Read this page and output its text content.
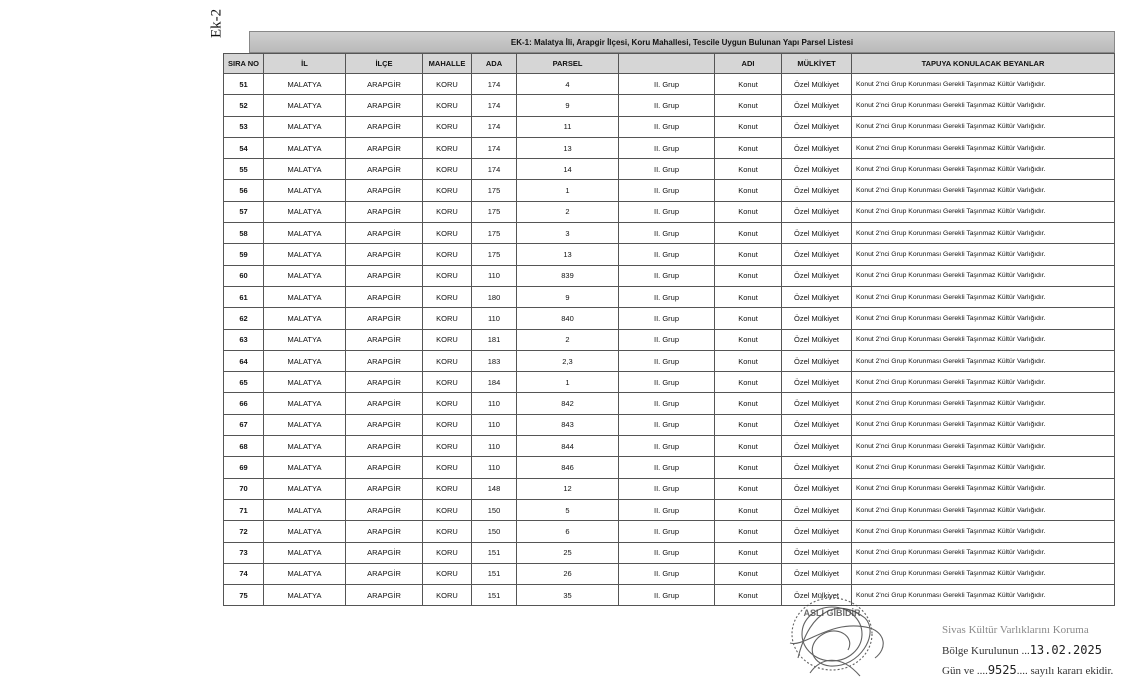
Ek-2
EK-1: Malatya İli, Arapgir İlçesi, Koru Mahallesi, Tescile Uygun Bulunan Yapı Parsel Listesi
SIRA NO	İL	İLÇE	MAHALLE	ADA	PARSEL		ADI	MÜLKİYET	TAPUYA KONULACAK BEYANLAR
51	MALATYA	ARAPGİR	KORU	174	4	II. Grup	Konut	Özel Mülkiyet	Konut 2'nci Grup Korunması Gerekli Taşınmaz Kültür Varlığıdır.
52	MALATYA	ARAPGİR	KORU	174	9	II. Grup	Konut	Özel Mülkiyet	Konut 2'nci Grup Korunması Gerekli Taşınmaz Kültür Varlığıdır.
53	MALATYA	ARAPGİR	KORU	174	11	II. Grup	Konut	Özel Mülkiyet	Konut 2'nci Grup Korunması Gerekli Taşınmaz Kültür Varlığıdır.
54	MALATYA	ARAPGİR	KORU	174	13	II. Grup	Konut	Özel Mülkiyet	Konut 2'nci Grup Korunması Gerekli Taşınmaz Kültür Varlığıdır.
55	MALATYA	ARAPGİR	KORU	174	14	II. Grup	Konut	Özel Mülkiyet	Konut 2'nci Grup Korunması Gerekli Taşınmaz Kültür Varlığıdır.
56	MALATYA	ARAPGİR	KORU	175	1	II. Grup	Konut	Özel Mülkiyet	Konut 2'nci Grup Korunması Gerekli Taşınmaz Kültür Varlığıdır.
57	MALATYA	ARAPGİR	KORU	175	2	II. Grup	Konut	Özel Mülkiyet	Konut 2'nci Grup Korunması Gerekli Taşınmaz Kültür Varlığıdır.
58	MALATYA	ARAPGİR	KORU	175	3	II. Grup	Konut	Özel Mülkiyet	Konut 2'nci Grup Korunması Gerekli Taşınmaz Kültür Varlığıdır.
59	MALATYA	ARAPGİR	KORU	175	13	II. Grup	Konut	Özel Mülkiyet	Konut 2'nci Grup Korunması Gerekli Taşınmaz Kültür Varlığıdır.
60	MALATYA	ARAPGİR	KORU	110	839	II. Grup	Konut	Özel Mülkiyet	Konut 2'nci Grup Korunması Gerekli Taşınmaz Kültür Varlığıdır.
61	MALATYA	ARAPGİR	KORU	180	9	II. Grup	Konut	Özel Mülkiyet	Konut 2'nci Grup Korunması Gerekli Taşınmaz Kültür Varlığıdır.
62	MALATYA	ARAPGİR	KORU	110	840	II. Grup	Konut	Özel Mülkiyet	Konut 2'nci Grup Korunması Gerekli Taşınmaz Kültür Varlığıdır.
63	MALATYA	ARAPGİR	KORU	181	2	II. Grup	Konut	Özel Mülkiyet	Konut 2'nci Grup Korunması Gerekli Taşınmaz Kültür Varlığıdır.
64	MALATYA	ARAPGİR	KORU	183	2,3	II. Grup	Konut	Özel Mülkiyet	Konut 2'nci Grup Korunması Gerekli Taşınmaz Kültür Varlığıdır.
65	MALATYA	ARAPGİR	KORU	184	1	II. Grup	Konut	Özel Mülkiyet	Konut 2'nci Grup Korunması Gerekli Taşınmaz Kültür Varlığıdır.
66	MALATYA	ARAPGİR	KORU	110	842	II. Grup	Konut	Özel Mülkiyet	Konut 2'nci Grup Korunması Gerekli Taşınmaz Kültür Varlığıdır.
67	MALATYA	ARAPGİR	KORU	110	843	II. Grup	Konut	Özel Mülkiyet	Konut 2'nci Grup Korunması Gerekli Taşınmaz Kültür Varlığıdır.
68	MALATYA	ARAPGİR	KORU	110	844	II. Grup	Konut	Özel Mülkiyet	Konut 2'nci Grup Korunması Gerekli Taşınmaz Kültür Varlığıdır.
69	MALATYA	ARAPGİR	KORU	110	846	II. Grup	Konut	Özel Mülkiyet	Konut 2'nci Grup Korunması Gerekli Taşınmaz Kültür Varlığıdır.
70	MALATYA	ARAPGİR	KORU	148	12	II. Grup	Konut	Özel Mülkiyet	Konut 2'nci Grup Korunması Gerekli Taşınmaz Kültür Varlığıdır.
71	MALATYA	ARAPGİR	KORU	150	5	II. Grup	Konut	Özel Mülkiyet	Konut 2'nci Grup Korunması Gerekli Taşınmaz Kültür Varlığıdır.
72	MALATYA	ARAPGİR	KORU	150	6	II. Grup	Konut	Özel Mülkiyet	Konut 2'nci Grup Korunması Gerekli Taşınmaz Kültür Varlığıdır.
73	MALATYA	ARAPGİR	KORU	151	25	II. Grup	Konut	Özel Mülkiyet	Konut 2'nci Grup Korunması Gerekli Taşınmaz Kültür Varlığıdır.
74	MALATYA	ARAPGİR	KORU	151	26	II. Grup	Konut	Özel Mülkiyet	Konut 2'nci Grup Korunması Gerekli Taşınmaz Kültür Varlığıdır.
75	MALATYA	ARAPGİR	KORU	151	35	II. Grup	Konut	Özel Mülkiyet	Konut 2'nci Grup Korunması Gerekli Taşınmaz Kültür Varlığıdır.
ASLI GİBİDİR
Sivas Kültür Varlıklarını Koruma
Bölge Kurulunun ...13.02.2025
Gün ve ....9525.... sayılı kararı ekidir.
